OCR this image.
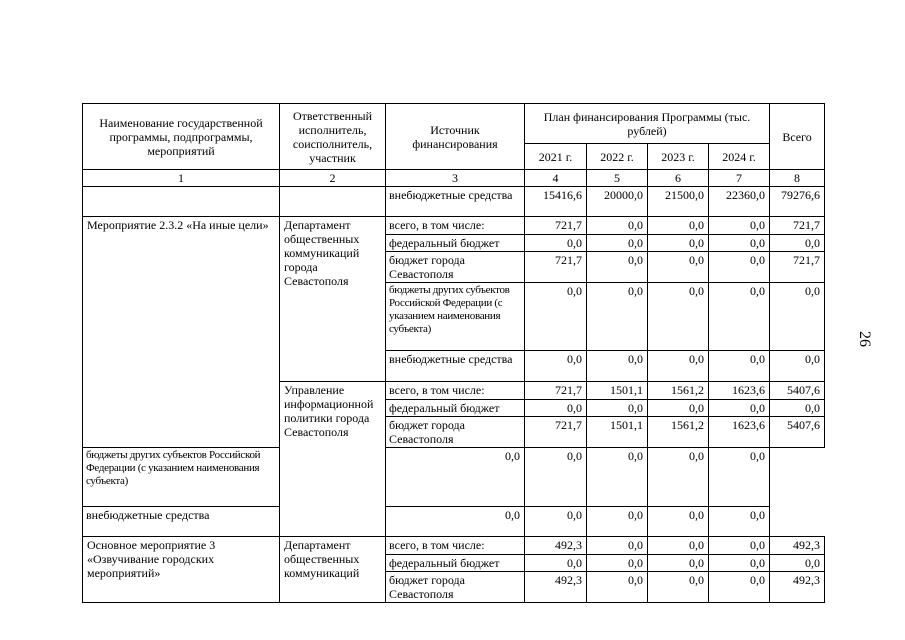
Наименование государственной программы, подпрограммы, мероприятий	Ответственный исполнитель, соисполнитель, участник	Источник финансирования	План финансирования Программы (тыс. рублей)				Всего
			2021 г.	2022 г.	2023 г.	2024 г.	
1	2	3	4	5	6	7	8
		внебюджетные средства	15416,6	20000,0	21500,0	22360,0	79276,6
Мероприятие 2.3.2 «На иные цели»	Департамент общественных коммуникаций города Севастополя	всего, в том числе:	721,7	0,0	0,0	0,0	721,7
		федеральный бюджет	0,0	0,0	0,0	0,0	0,0
		бюджет города Севастополя	721,7	0,0	0,0	0,0	721,7
		бюджеты других субъектов Российской Федерации (с указанием наименования субъекта)	0,0	0,0	0,0	0,0	0,0
		внебюджетные средства	0,0	0,0	0,0	0,0	0,0
	Управление информационной политики города Севастополя	всего, в том числе:	721,7	1501,1	1561,2	1623,6	5407,6
		федеральный бюджет	0,0	0,0	0,0	0,0	0,0
		бюджет города Севастополя	721,7	1501,1	1561,2	1623,6	5407,6
бюджеты других субъектов Российской Федерации (с указанием наименования субъекта)		0,0	0,0	0,0	0,0	0,0	
внебюджетные средства		0,0	0,0	0,0	0,0	0,0	
Основное мероприятие 3 «Озвучивание городских мероприятий»	Департамент общественных коммуникаций	всего, в том числе:	492,3	0,0	0,0	0,0	492,3
		федеральный бюджет	0,0	0,0	0,0	0,0	0,0
		бюджет города Севастополя	492,3	0,0	0,0	0,0	492,3
26
